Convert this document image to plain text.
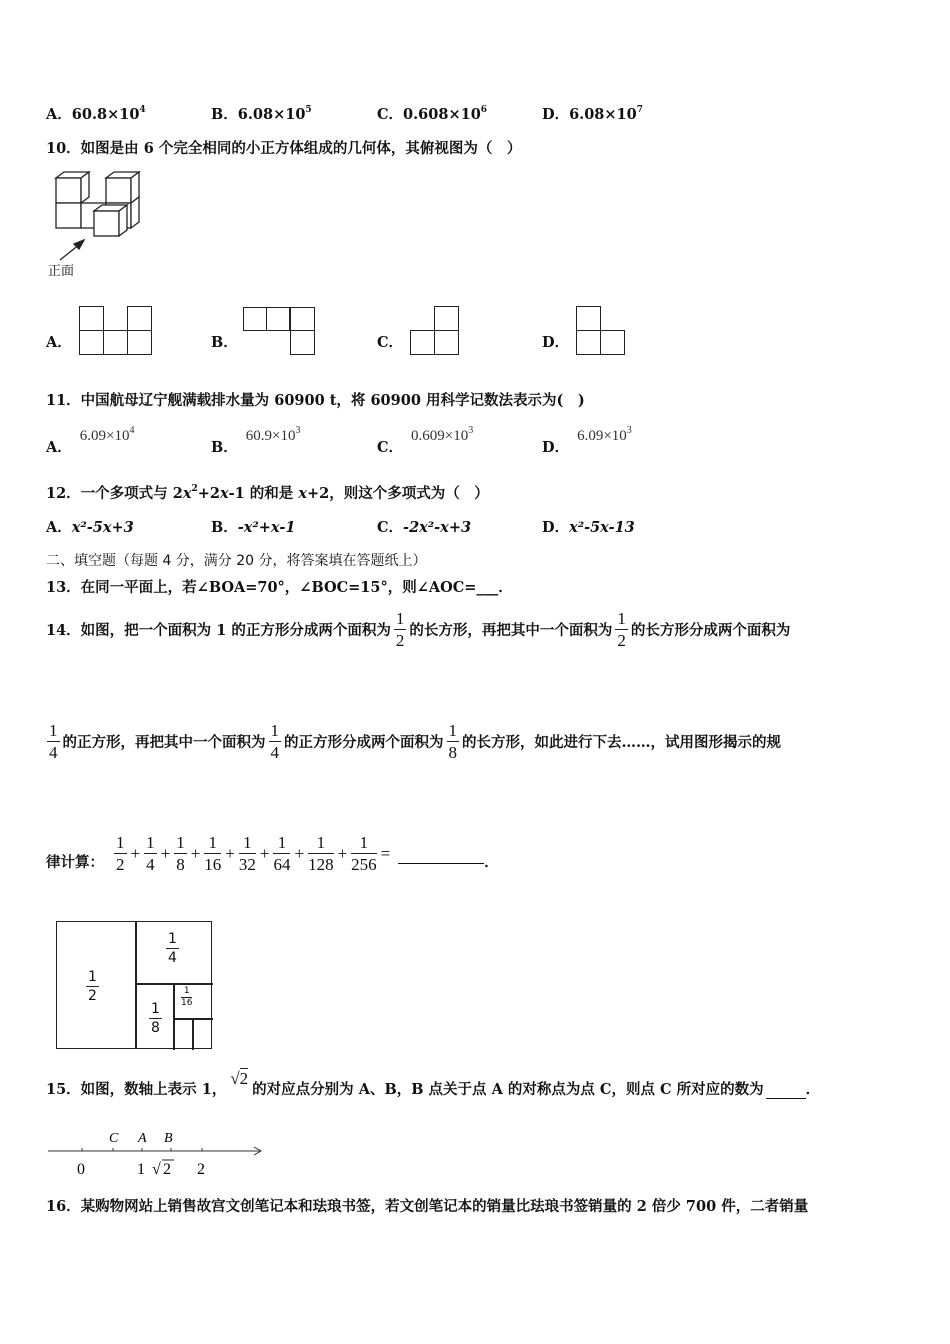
A．$60.8\times 10^4$	B．$6.08\times 10^5$	C．$0.608\times 10^6$	D．$6.08\times 10^7$
10．如图是由 6 个完全相同的小正方体组成的几何体，其俯视图为（　）
正面
A．	B．	C．	D．
11．中国航母辽宁舰满载排水量为 60900 t，将 60900 用科学记数法表示为(　)
A．$6.09\times 10^4$
B．$60.9\times 10^3$
C．$0.609\times 10^3$
D．$6.09\times 10^3$
12．一个多项式与 $2x^2+2x-1$ 的和是 x+2，则这个多项式为（　）
A．x²-5x+3	B．-x²+x-1	C．-2x²-x+3	D．x²-5x-13
二、填空题（每题 4 分，满分 20 分，将答案填在答题纸上）
13．在同一平面上，若∠BOA=70°，∠BOC=15°，则∠AOC=___．
14．如图，把一个面积为 1 的正方形分成两个面积为 $\frac{1}{2}$ 的长方形，再把其中一个面积为 $\frac{1}{2}$ 的长方形分成两个面积为
$\frac{1}{4}$ 的正方形，再把其中一个面积为 $\frac{1}{4}$ 的正方形分成两个面积为 $\frac{1}{8}$ 的长方形，如此进行下去……，试用图形揭示的规
律计算： $\frac{1}{2} + \frac{1}{4} + \frac{1}{8} + \frac{1}{16} + \frac{1}{32} + \frac{1}{64} + \frac{1}{128} + \frac{1}{256}$ =	．
$\frac{1}{2}$
$\frac{1}{4}$
$\frac{1}{8}$
$\frac{1}{16}$
15．如图，数轴上表示 1，
√2
的对应点分别为 A、B，B 点关于点 A 的对称点为点 C，则点 C 所对应的数为	．
C A B
0	1 √ 2 2
16．某购物网站上销售故宫文创笔记本和珐琅书签，若文创笔记本的销量比珐琅书签销量的 2 倍少 700 件，二者销量
